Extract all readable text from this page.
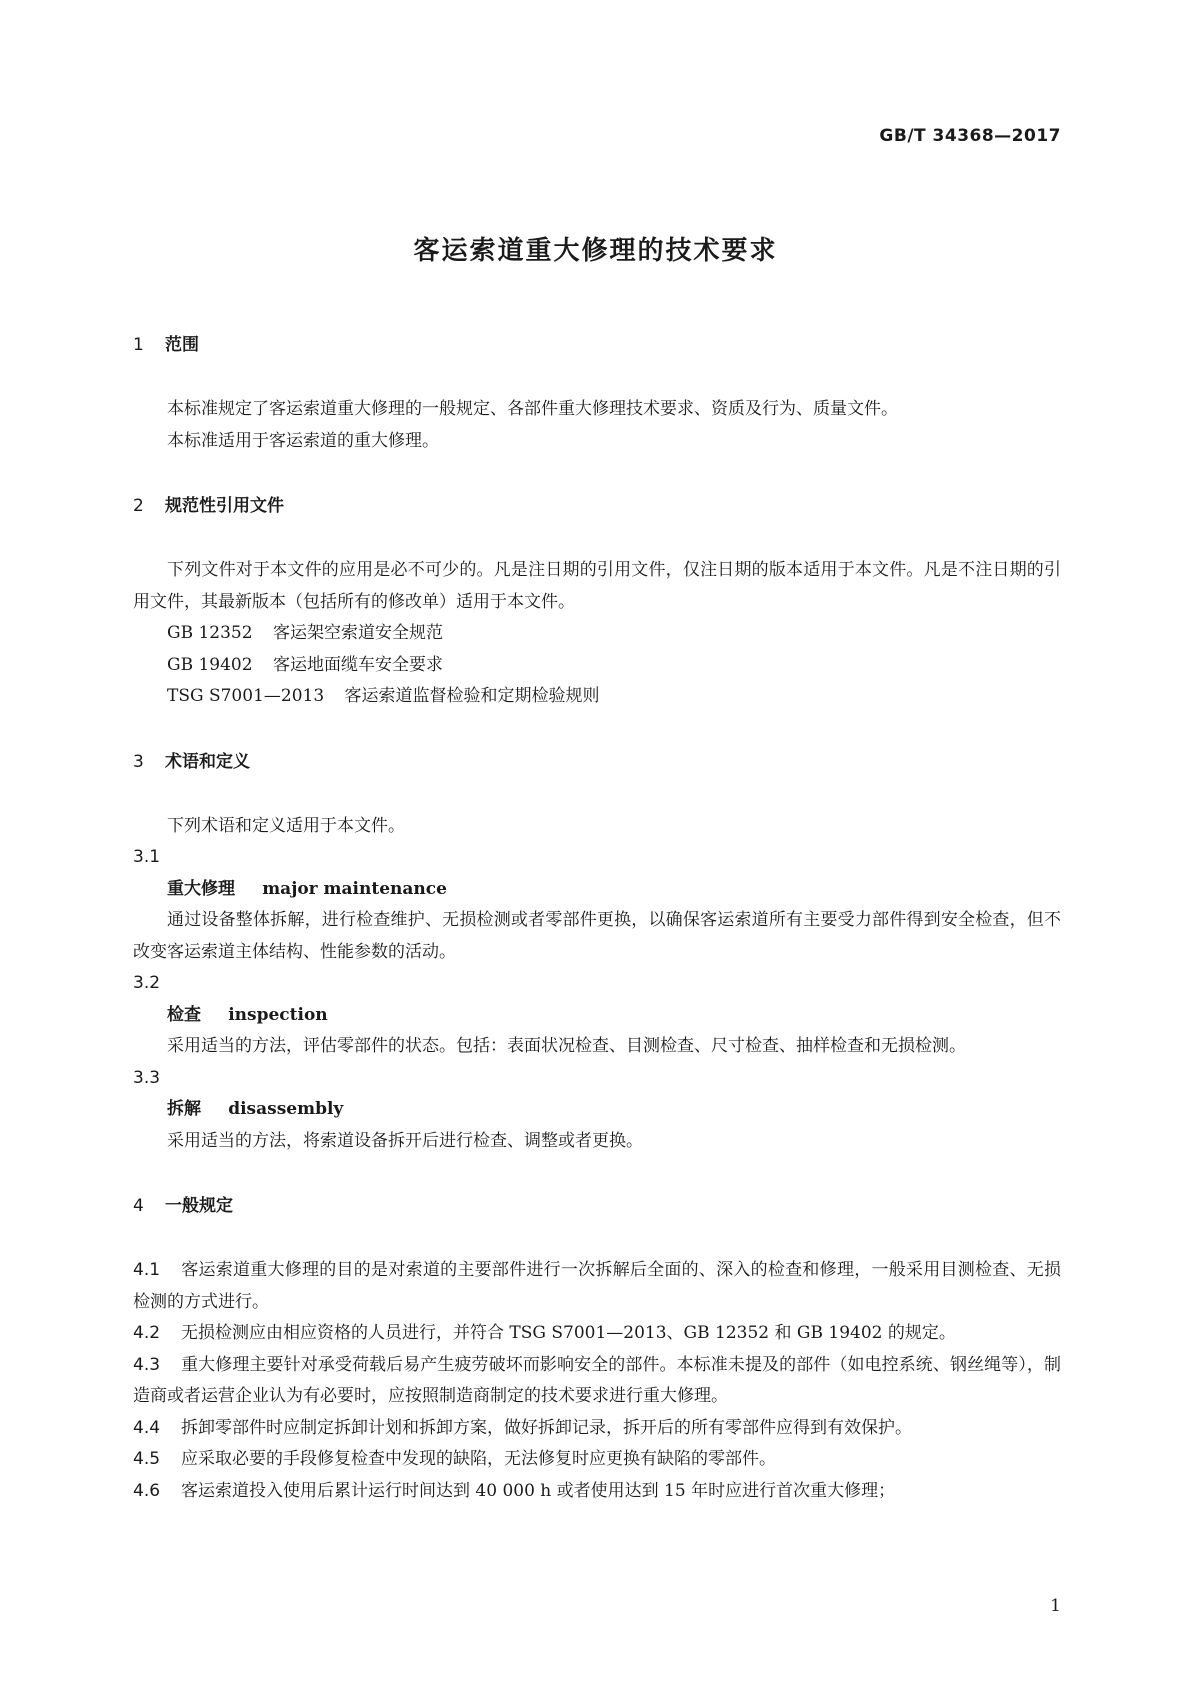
GB/T 34368—2017
客运索道重大修理的技术要求

1 范围

本标准规定了客运索道重大修理的一般规定、各部件重大修理技术要求、资质及行为、质量文件。

本标准适用于客运索道的重大修理。

2 规范性引用文件

下列文件对于本文件的应用是必不可少的。凡是注日期的引用文件，仅注日期的版本适用于本文件。凡是不注日期的引用文件，其最新版本（包括所有的修改单）适用于本文件。

GB 12352 客运架空索道安全规范

GB 19402 客运地面缆车安全要求

TSG S7001—2013 客运索道监督检验和定期检验规则

3 术语和定义

下列术语和定义适用于本文件。

3.1

重大修理 major maintenance

通过设备整体拆解，进行检查维护、无损检测或者零部件更换，以确保客运索道所有主要受力部件得到安全检查，但不改变客运索道主体结构、性能参数的活动。

3.2

检查 inspection

采用适当的方法，评估零部件的状态。包括：表面状况检查、目测检查、尺寸检查、抽样检查和无损检测。

3.3

拆解 disassembly

采用适当的方法，将索道设备拆开后进行检查、调整或者更换。

4 一般规定

4.1 客运索道重大修理的目的是对索道的主要部件进行一次拆解后全面的、深入的检查和修理，一般采用目测检查、无损检测的方式进行。

4.2 无损检测应由相应资格的人员进行，并符合 TSG S7001—2013、GB 12352 和 GB 19402 的规定。

4.3 重大修理主要针对承受荷载后易产生疲劳破坏而影响安全的部件。本标准未提及的部件（如电控系统、钢丝绳等），制造商或者运营企业认为有必要时，应按照制造商制定的技术要求进行重大修理。

4.4 拆卸零部件时应制定拆卸计划和拆卸方案，做好拆卸记录，拆开后的所有零部件应得到有效保护。

4.5 应采取必要的手段修复检查中发现的缺陷，无法修复时应更换有缺陷的零部件。

4.6 客运索道投入使用后累计运行时间达到 40 000 h 或者使用达到 15 年时应进行首次重大修理；

1
